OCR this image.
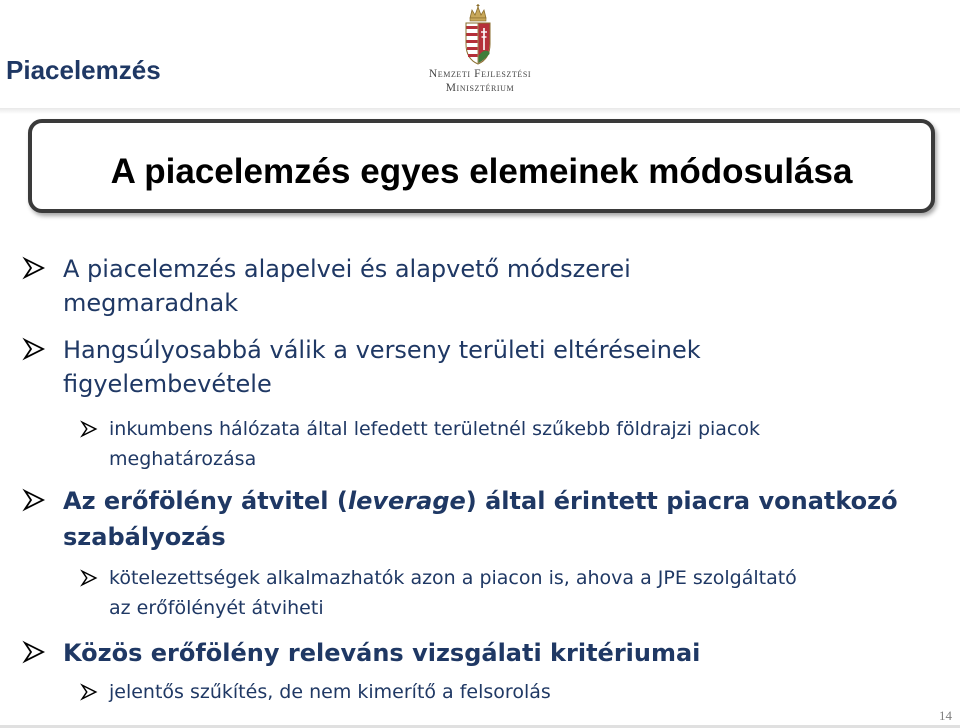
Piacelemzés	Nemzeti Fejlesztési
Minisztérium
A piacelemzés egyes elemeinek módosulása
A piacelemzés alapelvei és alapvető módszerei
megmaradnak
Hangsúlyosabbá válik a verseny területi eltéréseinek
figyelembevétele
inkumbens hálózata által lefedett területnél szűkebb földrajzi piacok
meghatározása
Az erőfölény átvitel (leverage) által érintett piacra vonatkozó
szabályozás
kötelezettségek alkalmazhatók azon a piacon is, ahova a JPE szolgáltató
az erőfölényét átviheti
Közös erőfölény releváns vizsgálati kritériumai
jelentős szűkítés, de nem kimerítő a felsorolás
14
